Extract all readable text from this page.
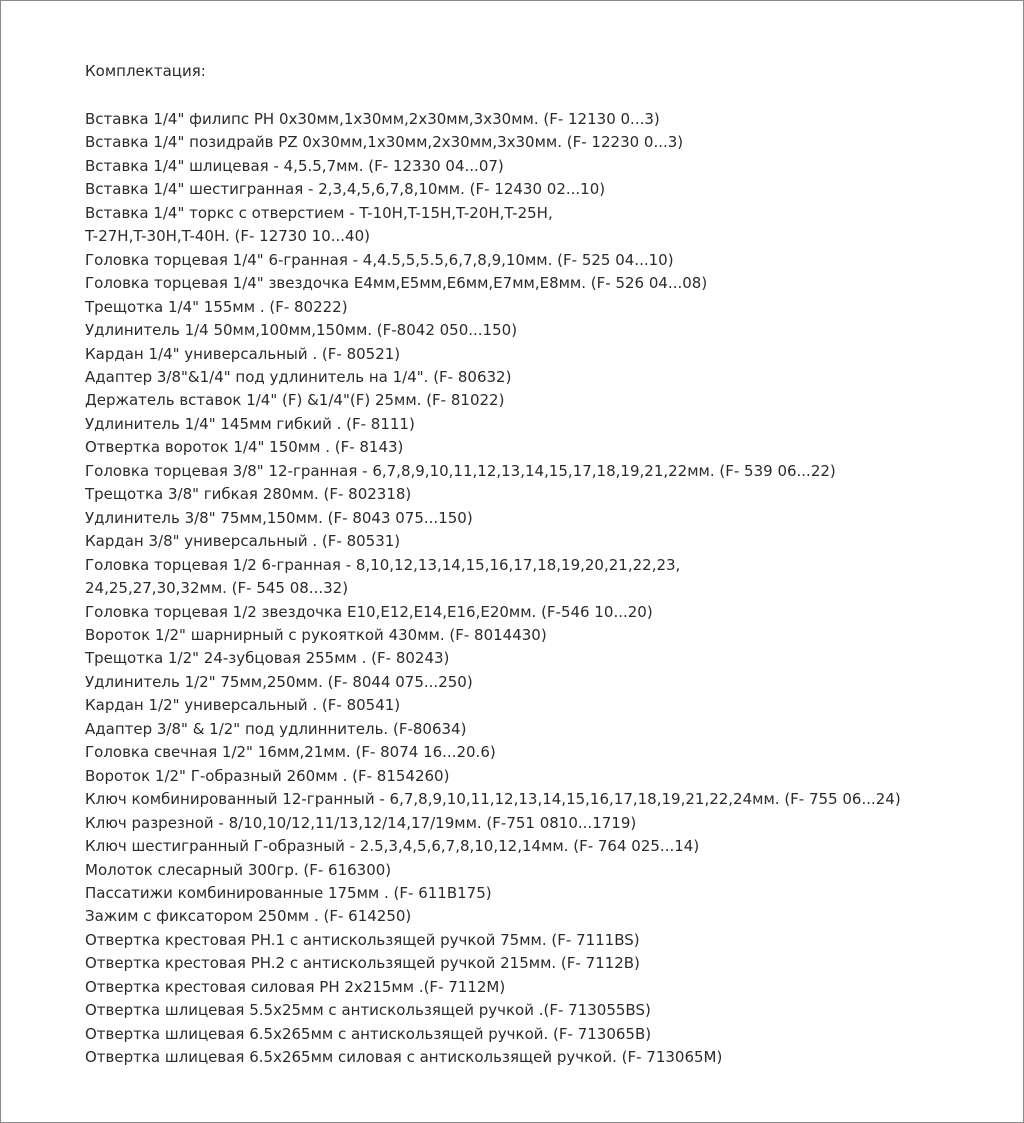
Комплектация:
Вставка 1/4" филипс PH 0x30мм,1x30мм,2x30мм,3x30мм. (F- 12130 0...3)
Вставка 1/4" позидрайв PZ 0x30мм,1x30мм,2x30мм,3x30мм. (F- 12230 0...3)
Вставка 1/4" шлицевая - 4,5.5,7мм. (F- 12330 04...07)
Вставка 1/4" шестигранная - 2,3,4,5,6,7,8,10мм. (F- 12430 02...10)
Вставка 1/4" торкс с отверстием - T-10H,T-15H,T-20H,T-25H,
T-27H,T-30H,T-40H. (F- 12730 10...40)
Головка торцевая 1/4" 6-гранная - 4,4.5,5,5.5,6,7,8,9,10мм. (F- 525 04...10)
Головка торцевая 1/4" звездочка E4мм,E5мм,E6мм,E7мм,E8мм. (F- 526 04...08)
Трещотка 1/4" 155мм . (F- 80222)
Удлинитель 1/4 50мм,100мм,150мм. (F-8042 050...150)
Кардан 1/4" универсальный . (F- 80521)
Адаптер 3/8"&1/4" под удлинитель на 1/4". (F- 80632)
Держатель вставок 1/4" (F) &1/4"(F) 25мм. (F- 81022)
Удлинитель 1/4" 145мм гибкий . (F- 8111)
Отвертка вороток 1/4" 150мм . (F- 8143)
Головка торцевая 3/8" 12-гранная - 6,7,8,9,10,11,12,13,14,15,17,18,19,21,22мм. (F- 539 06...22)
Трещотка 3/8" гибкая 280мм. (F- 802318)
Удлинитель 3/8" 75мм,150мм. (F- 8043 075...150)
Кардан 3/8" универсальный . (F- 80531)
Головка торцевая 1/2 6-гранная - 8,10,12,13,14,15,16,17,18,19,20,21,22,23,
24,25,27,30,32мм. (F- 545 08...32)
Головка торцевая 1/2 звездочка E10,E12,E14,E16,E20мм. (F-546 10...20)
Вороток 1/2" шарнирный с рукояткой 430мм. (F- 8014430)
Трещотка 1/2" 24-зубцовая 255мм . (F- 80243)
Удлинитель 1/2" 75мм,250мм. (F- 8044 075...250)
Кардан 1/2" универсальный . (F- 80541)
Адаптер 3/8" & 1/2" под удлиннитель. (F-80634)
Головка свечная 1/2" 16мм,21мм. (F- 8074 16...20.6)
Вороток 1/2" Г-образный 260мм . (F- 8154260)
Ключ комбинированный 12-гранный - 6,7,8,9,10,11,12,13,14,15,16,17,18,19,21,22,24мм. (F- 755 06...24)
Ключ разрезной - 8/10,10/12,11/13,12/14,17/19мм. (F-751 0810...1719)
Ключ шестигранный Г-образный - 2.5,3,4,5,6,7,8,10,12,14мм. (F- 764 025...14)
Молоток слесарный 300гр. (F- 616300)
Пассатижи комбинированные 175мм . (F- 611B175)
Зажим с фиксатором 250мм . (F- 614250)
Отвертка крестовая PH.1 с антискользящей ручкой 75мм. (F- 7111BS)
Отвертка крестовая PH.2 с антискользящей ручкой 215мм. (F- 7112B)
Отвертка крестовая силовая PH 2x215мм .(F- 7112M)
Отвертка шлицевая 5.5x25мм с антискользящей ручкой .(F- 713055BS)
Отвертка шлицевая 6.5x265мм с антискользящей ручкой. (F- 713065B)
Отвертка шлицевая 6.5x265мм силовая с антискользящей ручкой. (F- 713065M)
